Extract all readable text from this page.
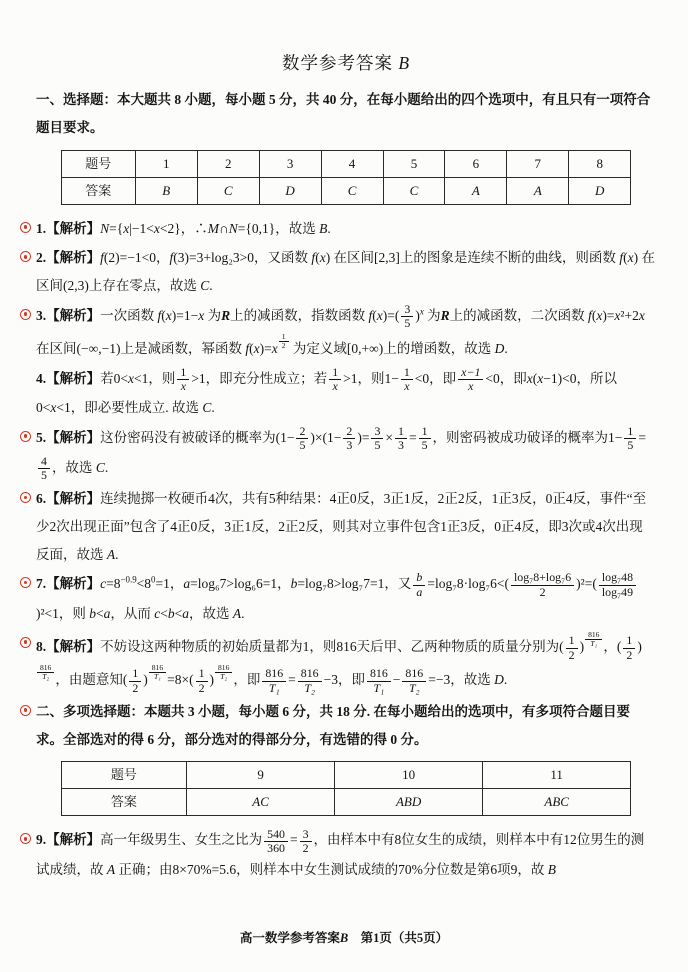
数学参考答案 B
一、选择题：本大题共 8 小题，每小题 5 分，共 40 分，在每小题给出的四个选项中，有且只有一项符合题目要求。
题号	1	2	3	4	5	6	7	8
答案	B	C	D	C	C	A	A	D
1.【解析】N={x|−1<x<2}，∴M∩N={0,1}，故选 B.
2.【解析】f(2)=−1<0，f(3)=3+log₂3>0，又函数 f(x) 在区间[2,3]上的图象是连续不断的曲线，则函数 f(x) 在区间(2,3)上存在零点，故选 C.
3.【解析】一次函数 f(x)=1−x 为R上的减函数，指数函数 $f(x)=( \frac{3}{5} )^x$ 为R上的减函数，二次函数 f(x)=x²+2x 在区间(−∞,−1)上是减函数，幂函数 $f(x)=x \frac{1}{2}$ 为定义域[0,+∞)上的增函数，故选 D.
4.【解析】若0<x<1，则 $\frac{1}{x} >1$，即充分性成立；若 $\frac{1}{x} >1$，则$1- \frac{1}{x} <0$，即 $\frac{x-1}{x} <0$，即x(x−1)<0，所以0<x<1，即必要性成立. 故选 C.
5.【解析】这份密码没有被破译的概率为$(1- \frac{2}{5} )\times(1- \frac{2}{3}$ )= $\frac{3}{5} \times \frac{1}{3} = \frac{1}{5}$ ，则密码被成功破译的概率为$1- \frac{1}{5}$ =
$\frac{4}{5}$ ，故选 C.
6.【解析】连续抛掷一枚硬币4次，共有5种结果：4正0反，3正1反，2正2反，1正3反，0正4反，事件“至少2次出现正面”包含了4正0反，3正1反，2正2反，则其对立事件包含1正3反，0正4反，即3次或4次出现反面，故选 A.
7.【解析】$c=8^{-0.9}<8^0=1$，a=log₆7>log₆6=1，b=log₇8>log₇7=1，又 $\frac{b}{a} =\log_78\cdot\log_76<( \frac{\text{log₇8+log₇6}}{2} )^2=( \frac{\text{log₇48}}{\text{log₇49}}$
)²<1，则 b<a，从而 c<b<a，故选 A.
8.【解析】不妨设这两种物质的初始质量都为1，则816天后甲、乙两种物质的质量分别为( $\frac{1}{2}$ ) $\frac{816}{\text{T₁}}$ ，( $\frac{1}{2}$ )
$\frac{816}{\text{T₂}}$ ，由题意知( $\frac{1}{2}$ ) $\frac{816}{\text{T₁}} =8\times( \frac{1}{2}$ ) $\frac{816}{\text{T₂}}$ ，即 $\frac{816}{\text{T₁}} = \frac{816}{\text{T₂}} -3$，即 $\frac{816}{\text{T₁}} - \frac{816}{\text{T₂}} =-3$，故选 D.
二、多项选择题：本题共 3 小题，每小题 6 分，共 18 分. 在每小题给出的选项中，有多项符合题目要求。全部选对的得 6 分，部分选对的得部分分，有选错的得 0 分。
题号	9	10	11
答案	AC	ABD	ABC
9.【解析】高一年级男生、女生之比为 $\frac{540}{360} = \frac{3}{2}$ ，由样本中有8位女生的成绩，则样本中有12位男生的测试成绩，故 A 正确；由8×70%=5.6，则样本中女生测试成绩的70%分位数是第6项9，故 B
高一数学参考答案B　第1页（共5页）
